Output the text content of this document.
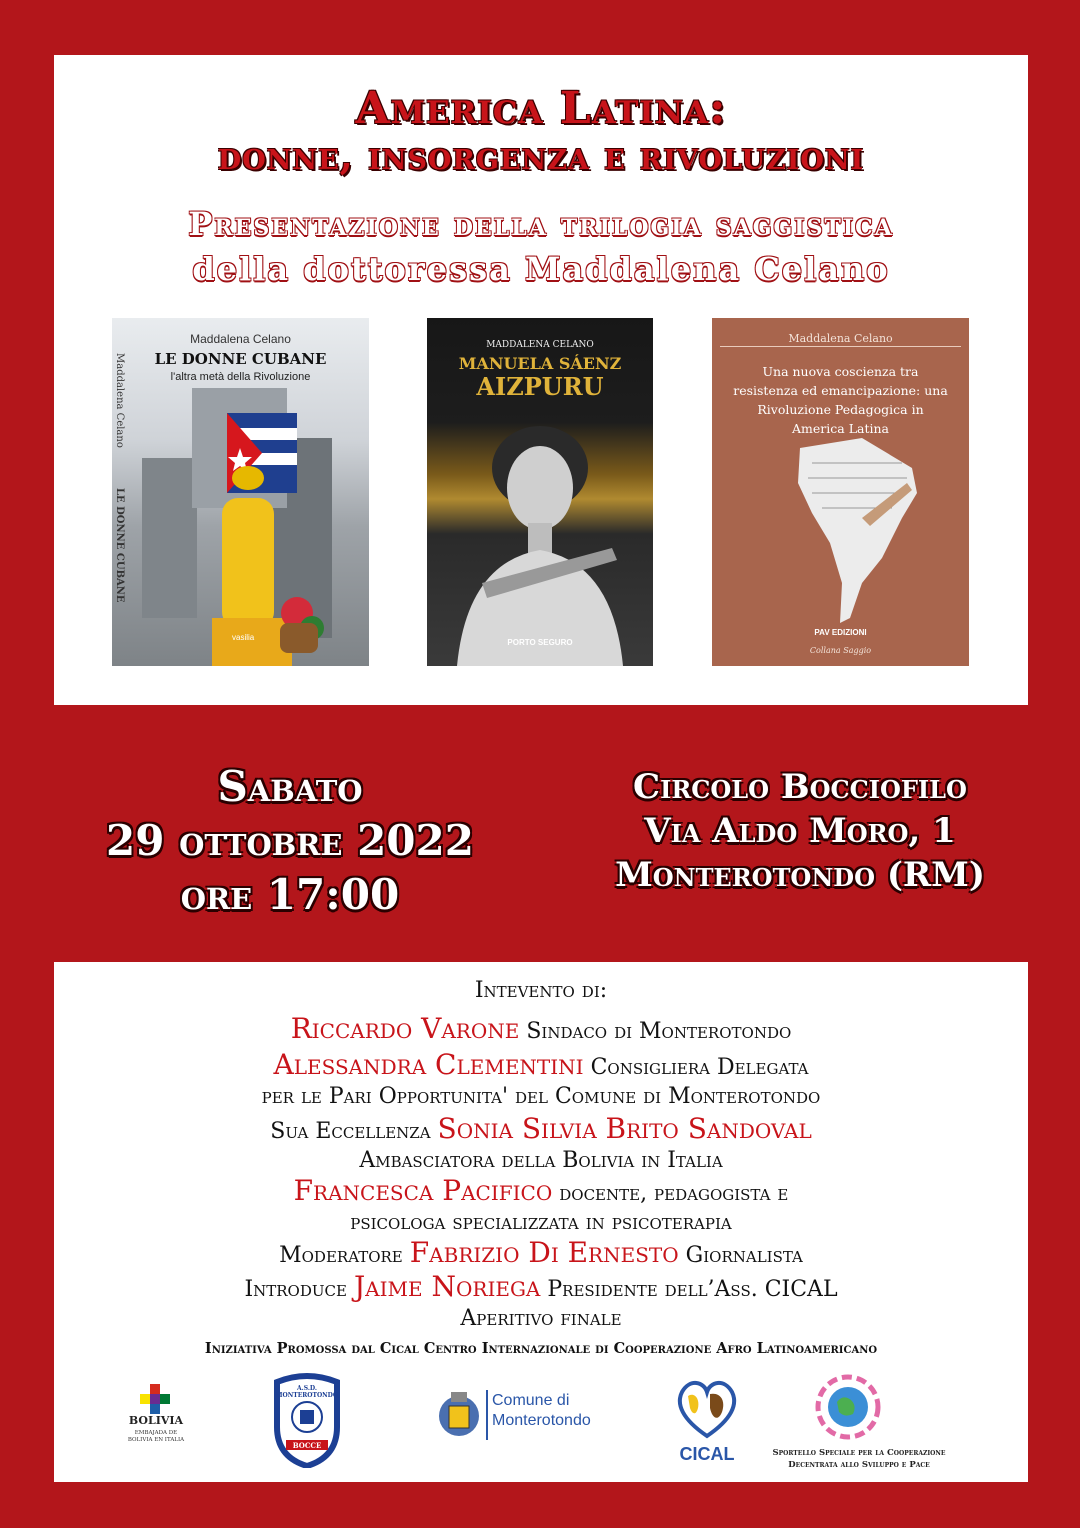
America Latina:
donne, insorgenza e rivoluzioni
Presentazione della trilogia saggistica
della dottoressa Maddalena Celano
Maddalena Celano
LE DONNE CUBANE
l'altra metà della Rivoluzione
Maddalena Celano
LE DONNE CUBANE
vasilia
MADDALENA CELANO
MANUELA SÁENZ
AIZPURU
PORTO SEGURO
Maddalena Celano
Una nuova coscienza tra resistenza ed emancipazione: una Rivoluzione Pedagogica in America Latina
PAV EDIZIONI
Collana Saggio
Sabato
29 ottobre 2022
ore 17:00
Circolo Bocciofilo
Via Aldo Moro, 1
Monterotondo (RM)
Intevento di:
Riccardo Varone Sindaco di Monterotondo
Alessandra Clementini Consigliera Delegata
per le Pari Opportunita' del Comune di Monterotondo
Sua Eccellenza Sonia Silvia Brito Sandoval
Ambasciatora della Bolivia in Italia
Francesca Pacifico docente, pedagogista e
psicologa specializzata in psicoterapia
Moderatore Fabrizio Di Ernesto Giornalista
Introduce Jaime Noriega Presidente dell’Ass. CICAL
Aperitivo finale
Iniziativa Promossa dal Cical Centro Internazionale di Cooperazione Afro Latinoamericano
BOLIVIA
EMBAJADA DE BOLIVIA EN ITALIA
A.S.D. MONTEROTONDO
BOCCE
Comune di
Monterotondo
CICAL	Sportello Speciale per la Cooperazione
Decentrata allo Sviluppo e Pace
